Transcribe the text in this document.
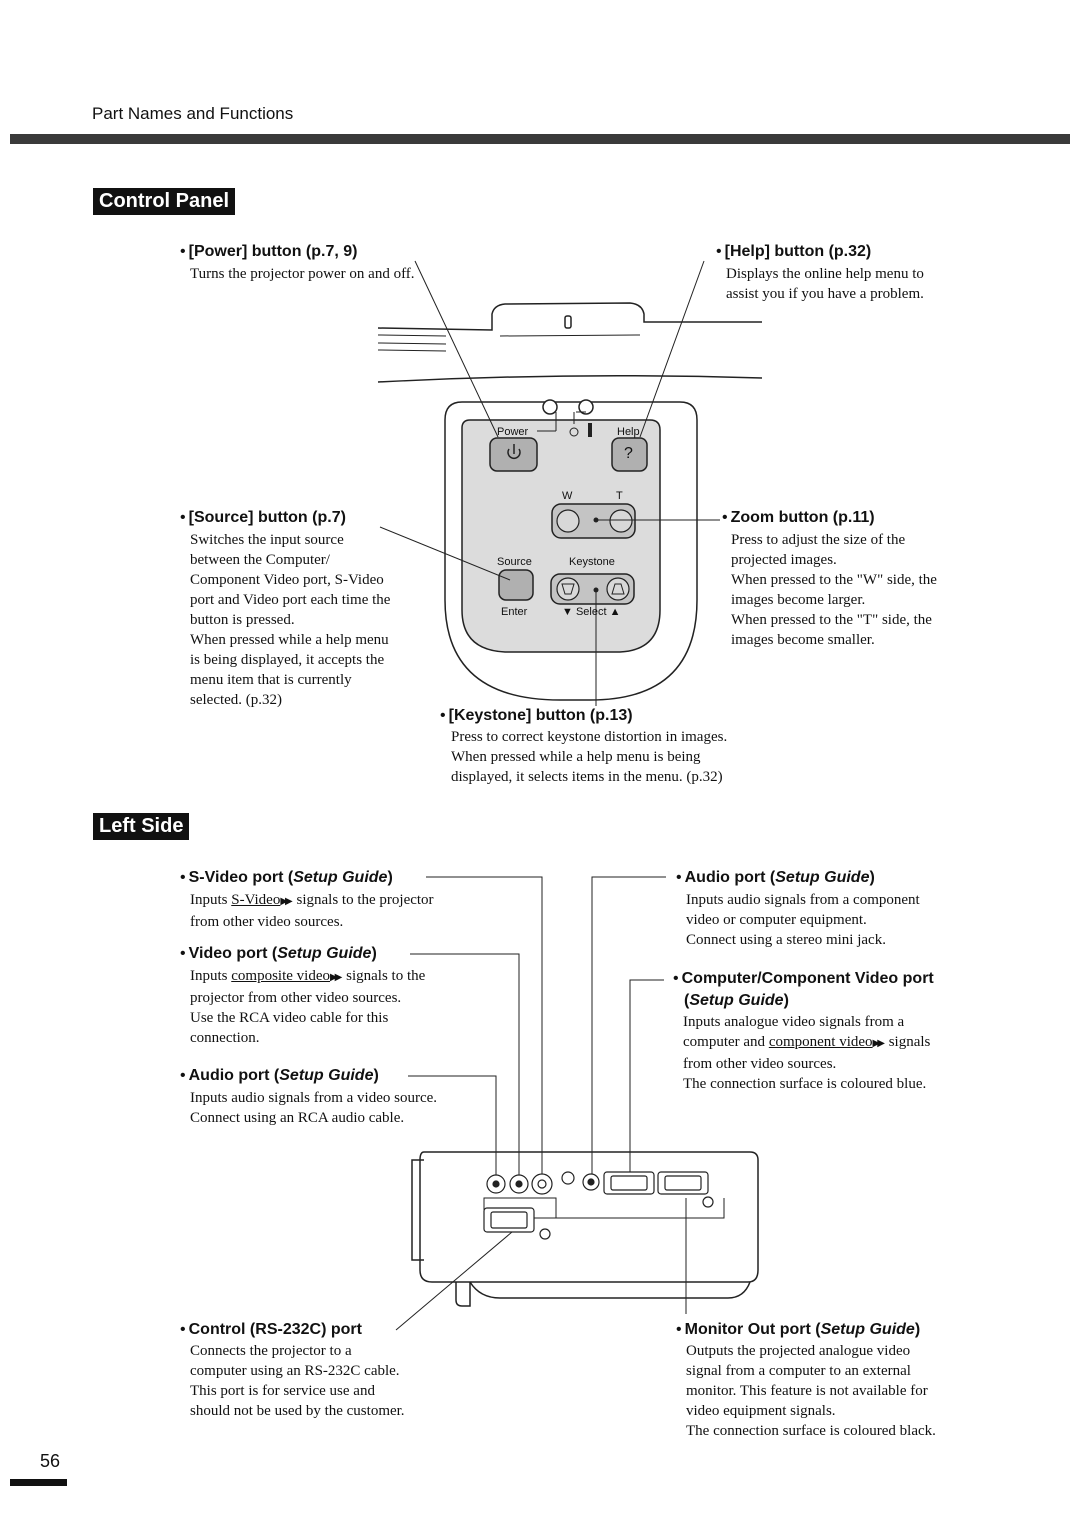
Part Names and Functions
Control Panel
Power	Help
?
W	T
Source	Keystone
Enter	▼ Select ▲
• [Power] button (p.7, 9)
Turns the projector power on and off.
• [Help] button (p.32)
Displays the online help menu to
assist you if you have a problem.
• [Source] button (p.7)
Switches the input source
between the Computer/
Component Video port, S-Video
port and Video port each time the
button is pressed.
When pressed while a help menu
is being displayed, it accepts the
menu item that is currently
selected. (p.32)
• Zoom button (p.11)
Press to adjust the size of the
projected images.
When pressed to the "W" side, the
images become larger.
When pressed to the "T" side, the
images become smaller.
• [Keystone] button (p.13)
Press to correct keystone distortion in images.
When pressed while a help menu is being
displayed, it selects items in the menu. (p.32)
Left Side
• S-Video port (Setup Guide)
Inputs S-Video▶▶ signals to the projector
from other video sources.
• Video port (Setup Guide)
Inputs composite video▶▶ signals to the
projector from other video sources.
Use the RCA video cable for this
connection.
• Audio port (Setup Guide)
Inputs audio signals from a video source.
Connect using an RCA audio cable.
• Audio port (Setup Guide)
Inputs audio signals from a component
video or computer equipment.
Connect using a stereo mini jack.
• Computer/Component Video port
(Setup Guide)
Inputs analogue video signals from a
computer and component video▶▶ signals
from other video sources.
The connection surface is coloured blue.
• Control (RS-232C) port
Connects the projector to a
computer using an RS-232C cable.
This port is for service use and
should not be used by the customer.
• Monitor Out port (Setup Guide)
Outputs the projected analogue video
signal from a computer to an external
monitor. This feature is not available for
video equipment signals.
The connection surface is coloured black.
56
